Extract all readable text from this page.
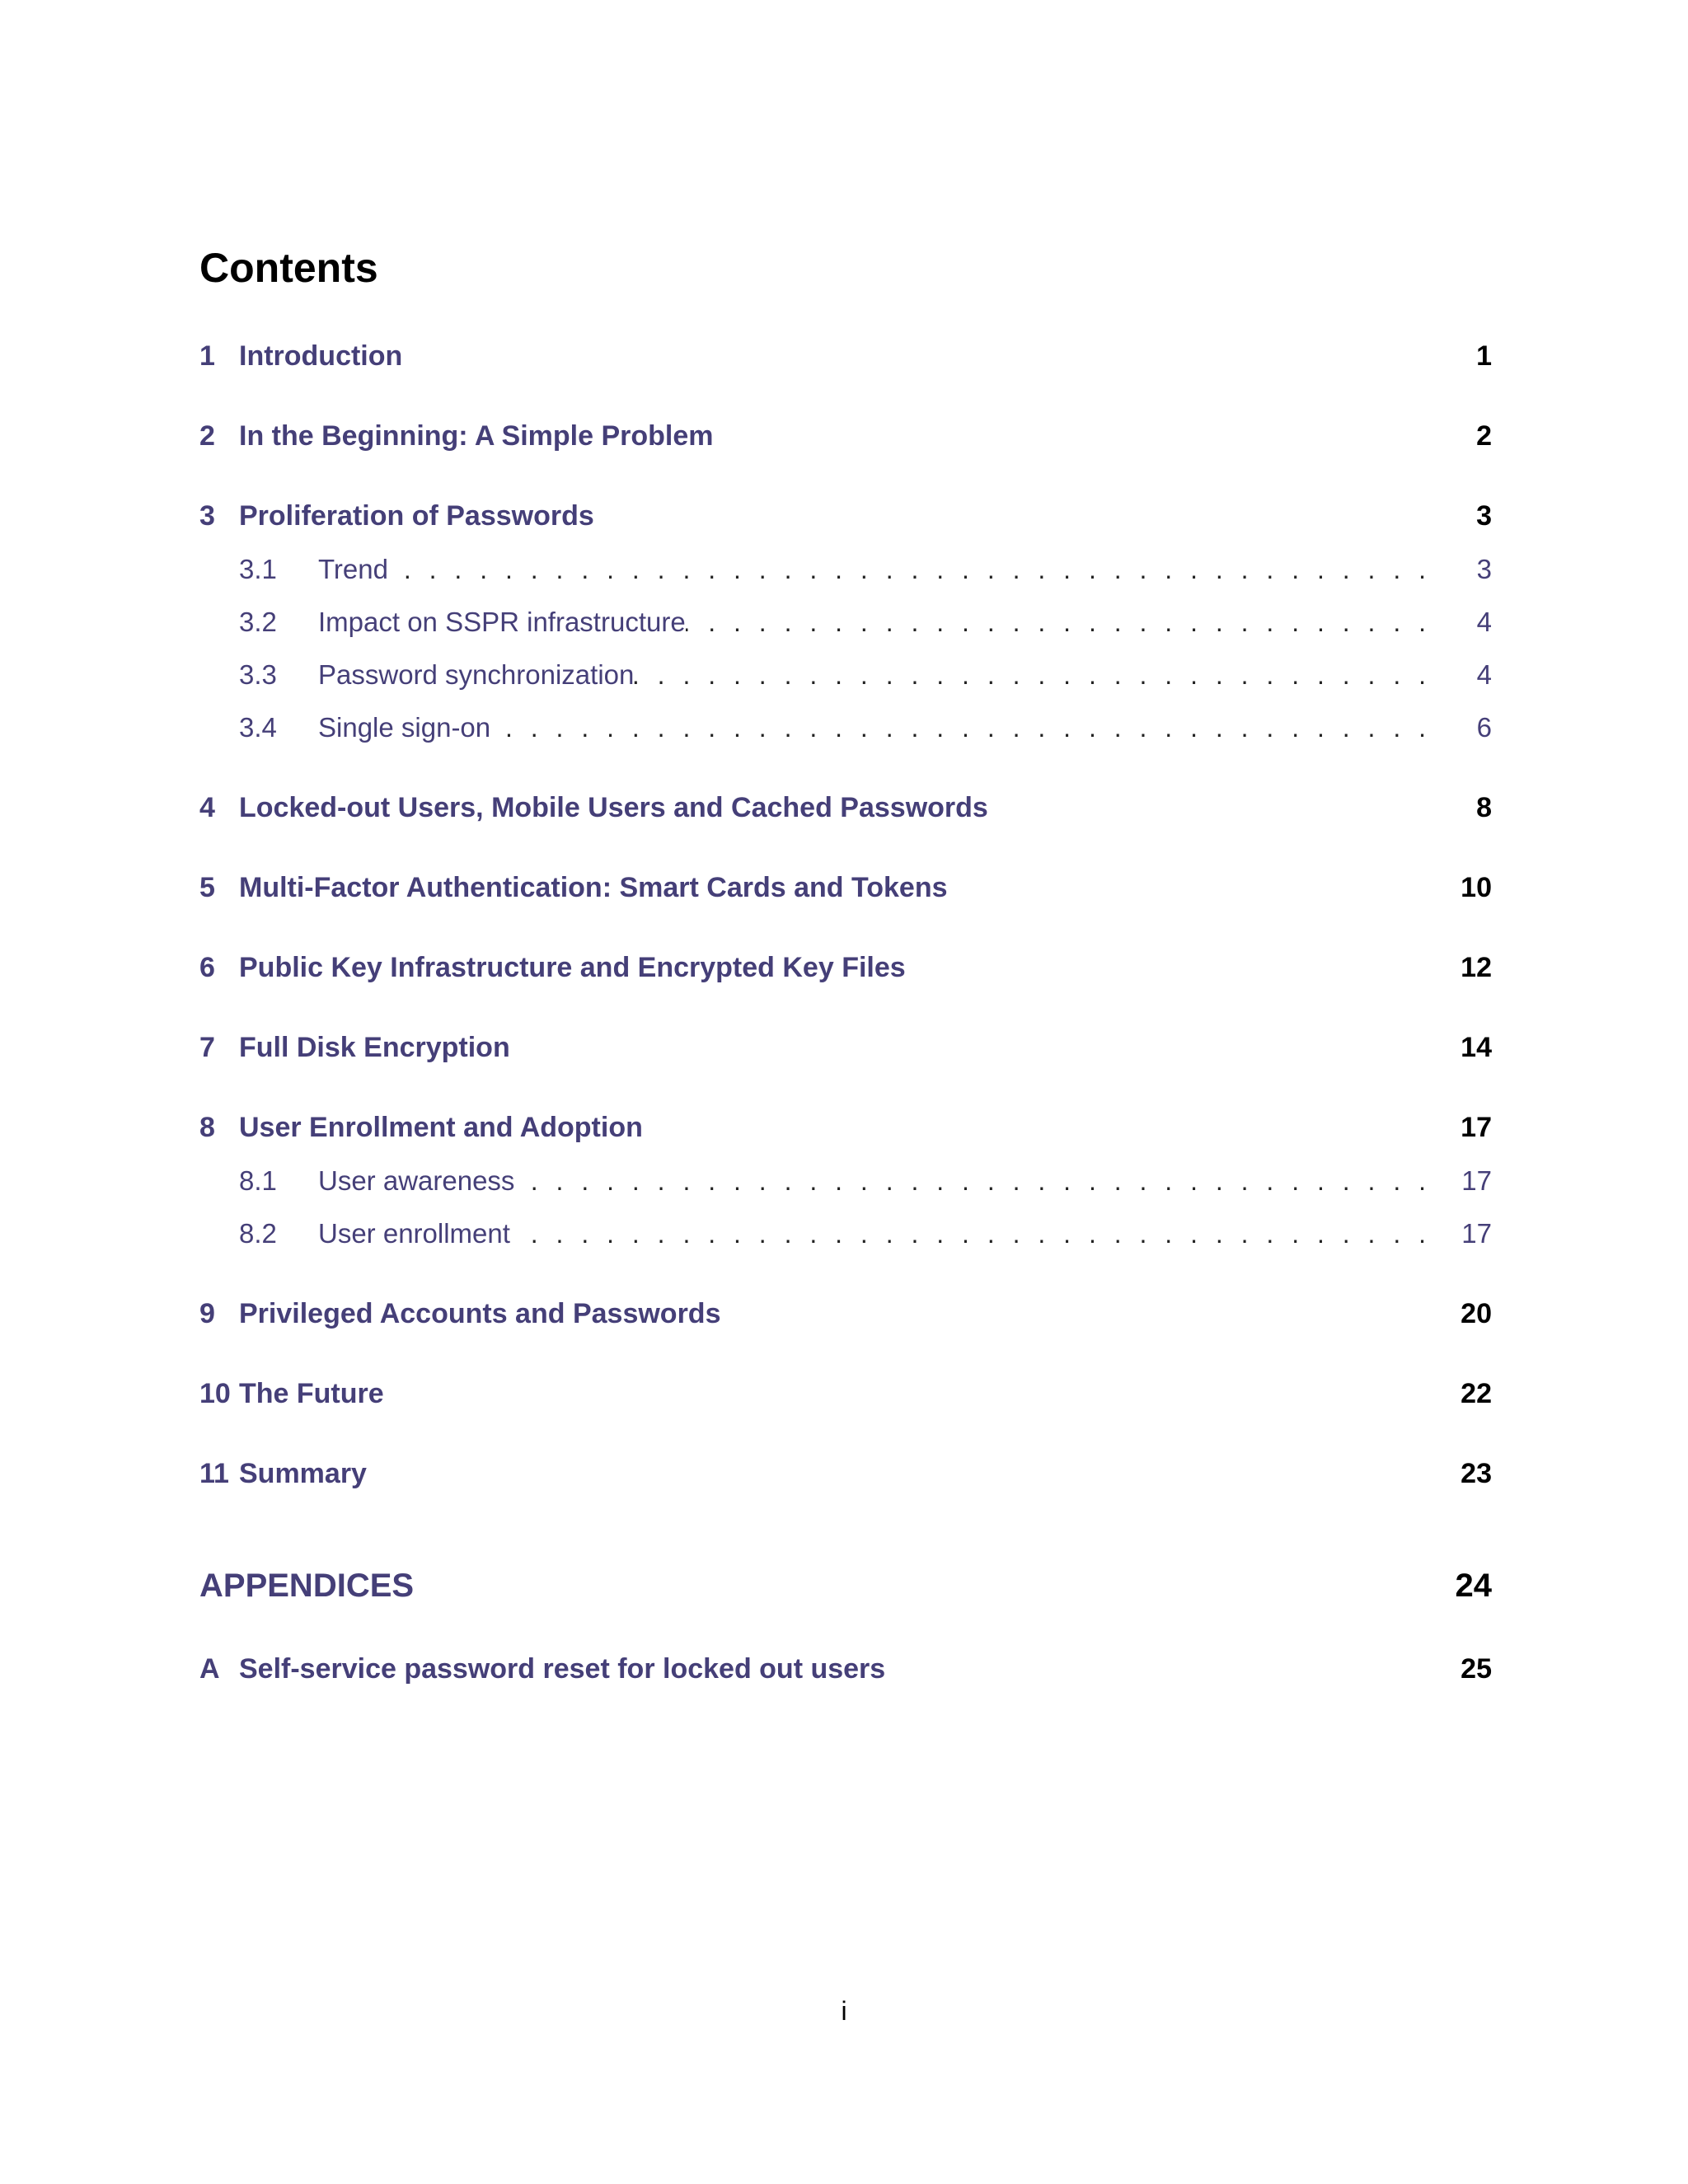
Contents
1 Introduction	1
2 In the Beginning: A Simple Problem	2
3 Proliferation of Passwords	3
3.1	Trend . . .	3
3.2	Impact on SSPR infrastructure . . .	4
3.3	Password synchronization . . .	4
3.4	Single sign-on . . .	6
4 Locked-out Users, Mobile Users and Cached Passwords	8
5 Multi-Factor Authentication: Smart Cards and Tokens	10
6 Public Key Infrastructure and Encrypted Key Files	12
7 Full Disk Encryption	14
8 User Enrollment and Adoption	17
8.1	User awareness . . .	17
8.2	User enrollment . . .	17
9 Privileged Accounts and Passwords	20
10 The Future	22
11 Summary	23
APPENDICES	24
A Self-service password reset for locked out users	25
i
